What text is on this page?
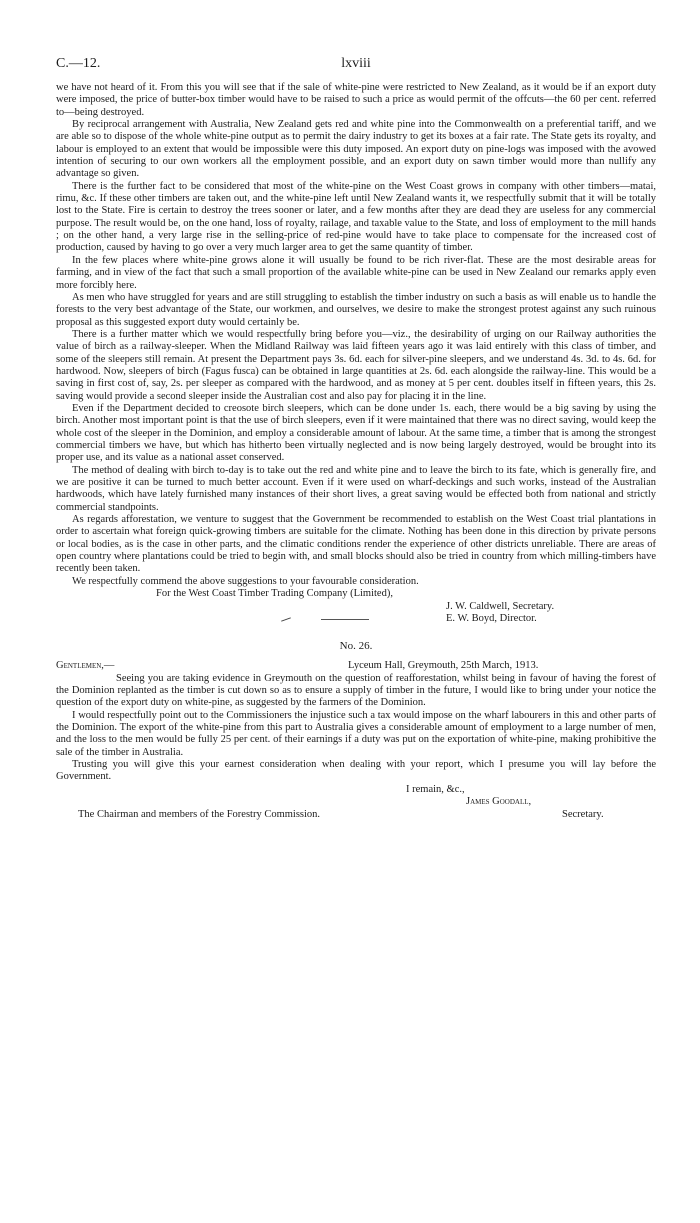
C.—12.	lxviii

we have not heard of it. From this you will see that if the sale of white-pine were restricted to New Zealand, as it would be if an export duty were imposed, the price of butter-box timber would have to be raised to such a price as would permit of the offcuts—the 60 per cent. referred to—being destroyed.

By reciprocal arrangement with Australia, New Zealand gets red and white pine into the Commonwealth on a preferential tariff, and we are able so to dispose of the whole white-pine output as to permit the dairy industry to get its boxes at a fair rate. The State gets its royalty, and labour is employed to an extent that would be impossible were this duty imposed. An export duty on pine-logs was imposed with the avowed intention of securing to our own workers all the employment possible, and an export duty on sawn timber would more than nullify any advantage so given.

There is the further fact to be considered that most of the white-pine on the West Coast grows in company with other timbers—matai, rimu, &c. If these other timbers are taken out, and the white-pine left until New Zealand wants it, we respectfully submit that it will be totally lost to the State. Fire is certain to destroy the trees sooner or later, and a few months after they are dead they are useless for any commercial purpose. The result would be, on the one hand, loss of royalty, railage, and taxable value to the State, and loss of employment to the mill hands ; on the other hand, a very large rise in the selling-price of red-pine would have to take place to compensate for the increased cost of production, caused by having to go over a very much larger area to get the same quantity of timber.

In the few places where white-pine grows alone it will usually be found to be rich river-flat. These are the most desirable areas for farming, and in view of the fact that such a small proportion of the available white-pine can be used in New Zealand our remarks apply even more forcibly here.

As men who have struggled for years and are still struggling to establish the timber industry on such a basis as will enable us to handle the forests to the very best advantage of the State, our workmen, and ourselves, we desire to make the strongest protest against any such ruinous proposal as this suggested export duty would certainly be.

There is a further matter which we would respectfully bring before you—viz., the desirability of urging on our Railway authorities the value of birch as a railway-sleeper. When the Midland Railway was laid fifteen years ago it was laid entirely with this class of timber, and some of the sleepers still remain. At present the Department pays 3s. 6d. each for silver-pine sleepers, and we understand 4s. 3d. to 4s. 6d. for hardwood. Now, sleepers of birch (Fagus fusca) can be obtained in large quantities at 2s. 6d. each alongside the railway-line. This would be a saving in first cost of, say, 2s. per sleeper as compared with the hardwood, and as money at 5 per cent. doubles itself in fifteen years, this 2s. saving would provide a second sleeper inside the Australian cost and also pay for placing it in the line.

Even if the Department decided to creosote birch sleepers, which can be done under 1s. each, there would be a big saving by using the birch. Another most important point is that the use of birch sleepers, even if it were maintained that there was no direct saving, would keep the whole cost of the sleeper in the Dominion, and employ a considerable amount of labour. At the same time, a timber that is among the strongest commercial timbers we have, but which has hitherto been virtually neglected and is now being largely destroyed, would be brought into its proper use, and its value as a national asset conserved.

The method of dealing with birch to-day is to take out the red and white pine and to leave the birch to its fate, which is generally fire, and we are positive it can be turned to much better account. Even if it were used on wharf-deckings and such works, instead of the Australian hardwoods, which have lately furnished many instances of their short lives, a great saving would be effected both from national and strictly commercial standpoints.

As regards afforestation, we venture to suggest that the Government be recommended to establish on the West Coast trial plantations in order to ascertain what foreign quick-growing timbers are suitable for the climate. Nothing has been done in this direction by private persons or local bodies, as is the case in other parts, and the climatic conditions render the experience of other districts unreliable. There are areas of open country where plantations could be tried to begin with, and small blocks should also be tried in country from which milling-timbers have recently been taken.

We respectfully commend the above suggestions to your favourable consideration.

For the West Coast Timber Trading Company (Limited),
J. W. Caldwell, Secretary.
E. W. Boyd, Director.
No. 26.
Gentlemen,—	Lyceum Hall, Greymouth, 25th March, 1913.

Seeing you are taking evidence in Greymouth on the question of reafforestation, whilst being in favour of having the forest of the Dominion replanted as the timber is cut down so as to ensure a supply of timber in the future, I would like to bring under your notice the question of the export duty on white-pine, as suggested by the farmers of the Dominion.

I would respectfully point out to the Commissioners the injustice such a tax would impose on the wharf labourers in this and other parts of the Dominion. The export of the white-pine from this part to Australia gives a considerable amount of employment to a large number of men, and the loss to the men would be fully 25 per cent. of their earnings if a duty was put on the exportation of white-pine, making prohibitive the sale of the timber in Australia.

Trusting you will give this your earnest consideration when dealing with your report, which I presume you will lay before the Government.

I remain, &c.,
James Goodall,
The Chairman and members of the Forestry Commission.	Secretary.
